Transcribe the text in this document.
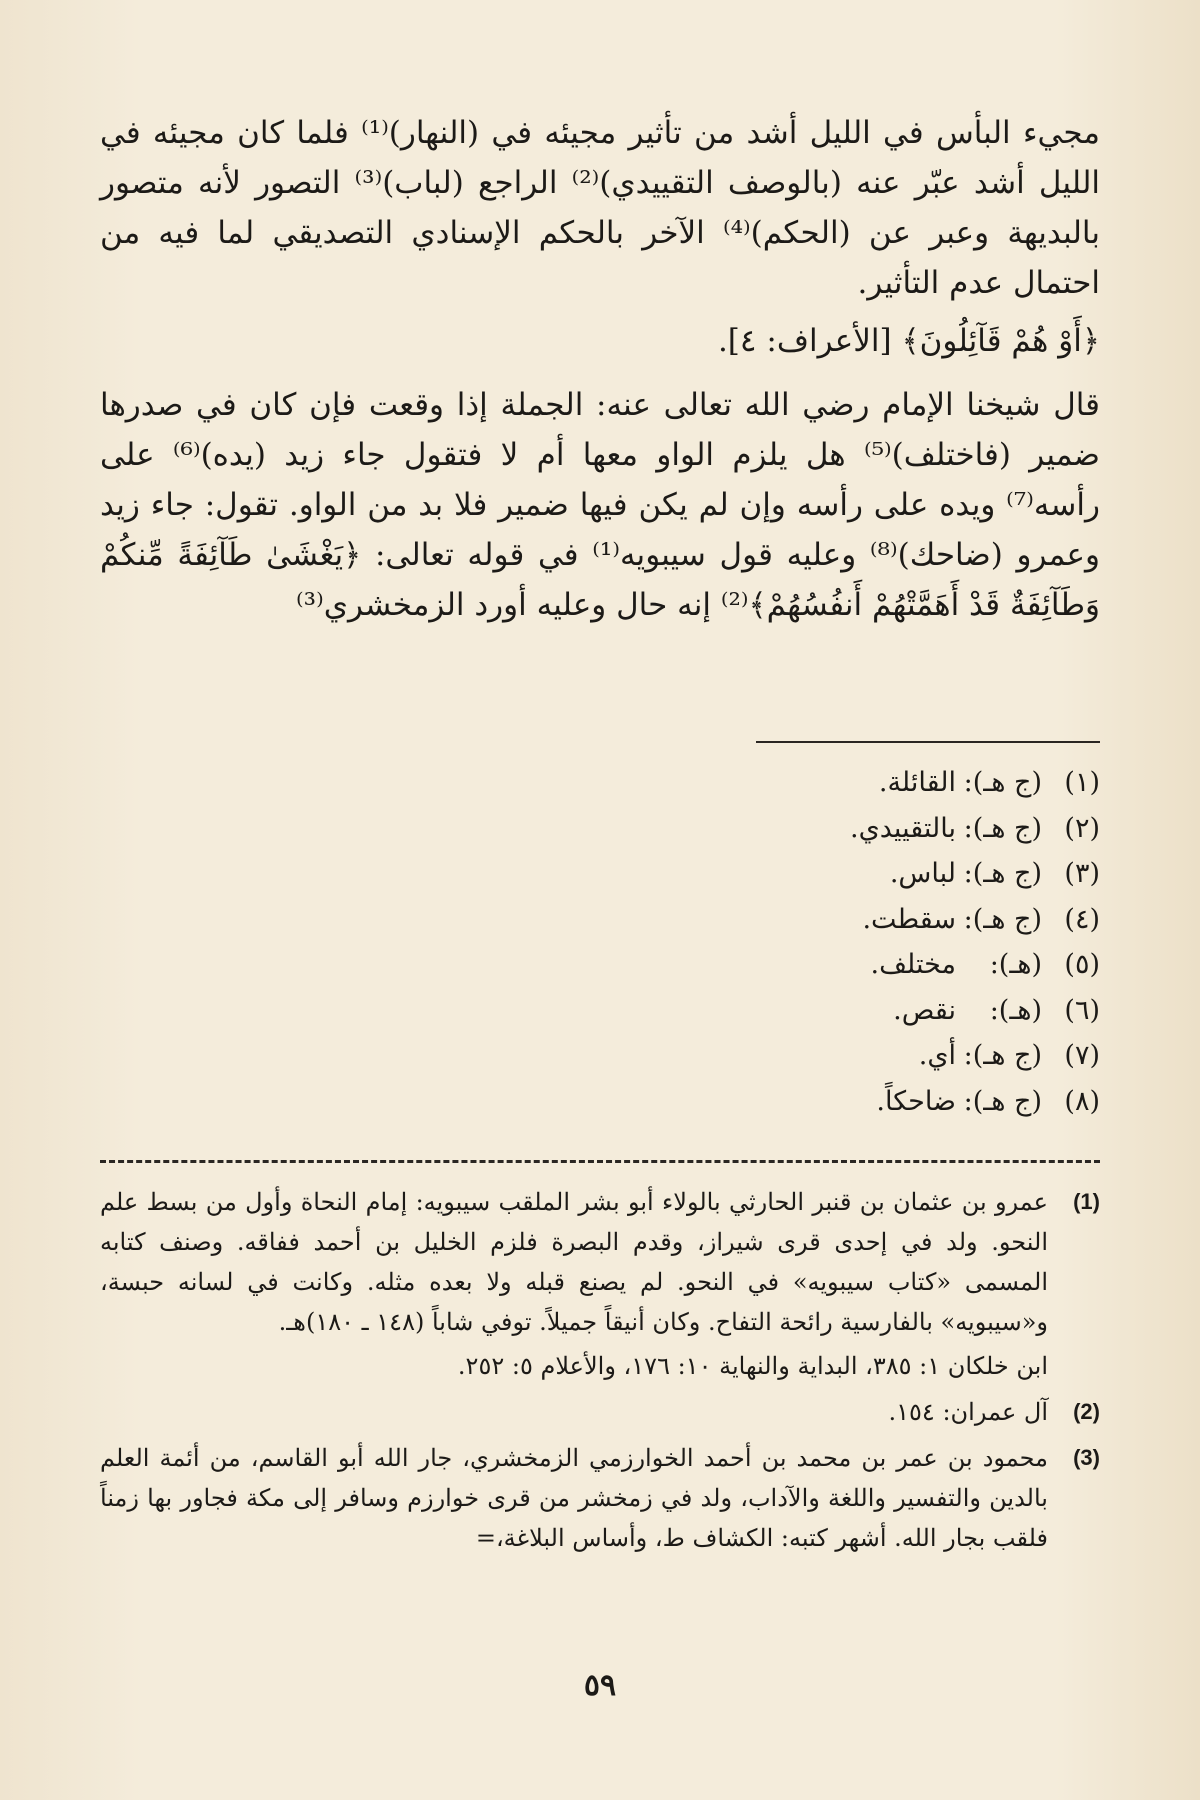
مجيء البأس في الليل أشد من تأثير مجيئه في (النهار)⁽¹⁾ فلما كان مجيئه في الليل أشد عبّر عنه (بالوصف التقييدي)⁽²⁾ الراجع (لباب)⁽³⁾ التصور لأنه متصور بالبديهة وعبر عن (الحكم)⁽⁴⁾ الآخر بالحكم الإسنادي التصديقي لما فيه من احتمال عدم التأثير.

﴿أَوْ هُمْ قَآئِلُونَ﴾ [الأعراف: ٤].

قال شيخنا الإمام رضي الله تعالى عنه: الجملة إذا وقعت فإن كان في صدرها ضمير (فاختلف)⁽⁵⁾ هل يلزم الواو معها أم لا فتقول جاء زيد (يده)⁽⁶⁾ على رأسه⁽⁷⁾ ويده على رأسه وإن لم يكن فيها ضمير فلا بد من الواو. تقول: جاء زيد وعمرو (ضاحك)⁽⁸⁾ وعليه قول سيبويه⁽¹⁾ في قوله تعالى: ﴿يَغْشَىٰ طَآئِفَةً مِّنكُمْ وَطَآئِفَةٌ قَدْ أَهَمَّتْهُمْ أَنفُسُهُمْ﴾⁽²⁾ إنه حال وعليه أورد الزمخشري⁽³⁾

(١)(ج هـ):القائلة.
(٢)(ج هـ):بالتقييدي.
(٣)(ج هـ):لباس.
(٤)(ج هـ):سقطت.
(٥)(هـ):مختلف.
(٦)(هـ):نقص.
(٧)(ج هـ):أي.
(٨)(ج هـ):ضاحكاً.
(1)
عمرو بن عثمان بن قنبر الحارثي بالولاء أبو بشر الملقب سيبويه: إمام النحاة وأول من بسط علم النحو. ولد في إحدى قرى شيراز، وقدم البصرة فلزم الخليل بن أحمد ففاقه. وصنف كتابه المسمى «كتاب سيبويه» في النحو. لم يصنع قبله ولا بعده مثله. وكانت في لسانه حبسة، و«سيبويه» بالفارسية رائحة التفاح. وكان أنيقاً جميلاً. توفي شاباً (١٤٨ ـ ١٨٠)هـ.
ابن خلكان ١: ٣٨٥، البداية والنهاية ١٠: ١٧٦، والأعلام ٥: ٢٥٢.
(2)
آل عمران: ١٥٤.
(3)
محمود بن عمر بن محمد بن أحمد الخوارزمي الزمخشري، جار الله أبو القاسم، من أئمة العلم بالدين والتفسير واللغة والآداب، ولد في زمخشر من قرى خوارزم وسافر إلى مكة فجاور بها زمناً فلقب بجار الله. أشهر كتبه: الكشاف ط، وأساس البلاغة،=
٥٩
